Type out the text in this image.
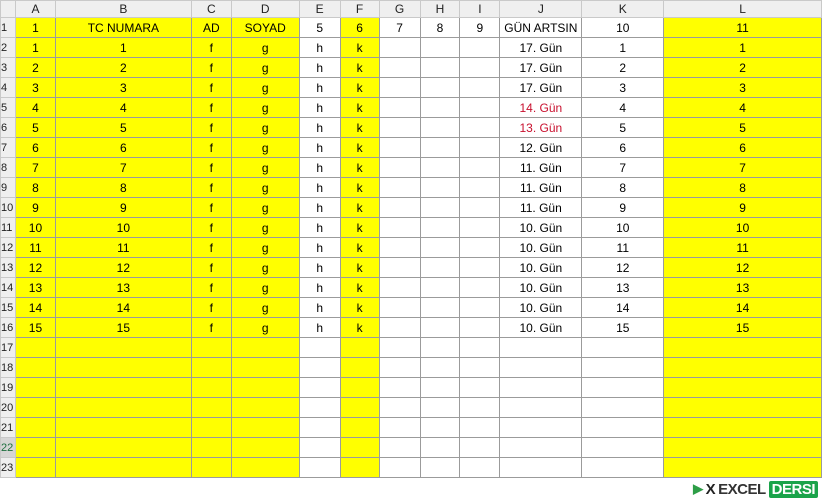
	A	B	C	D	E	F	G	H	I	J	K	L
1	1	TC NUMARA	AD	SOYAD	5	6	7	8	9	GÜN ARTSIN	10	11
2	1	1	f	g	h	k				17. Gün	1	1
3	2	2	f	g	h	k				17. Gün	2	2
4	3	3	f	g	h	k				17. Gün	3	3
5	4	4	f	g	h	k				14. Gün	4	4
6	5	5	f	g	h	k				13. Gün	5	5
7	6	6	f	g	h	k				12. Gün	6	6
8	7	7	f	g	h	k				11. Gün	7	7
9	8	8	f	g	h	k				11. Gün	8	8
10	9	9	f	g	h	k				11. Gün	9	9
11	10	10	f	g	h	k				10. Gün	10	10
12	11	11	f	g	h	k				10. Gün	11	11
13	12	12	f	g	h	k				10. Gün	12	12
14	13	13	f	g	h	k				10. Gün	13	13
15	14	14	f	g	h	k				10. Gün	14	14
16	15	15	f	g	h	k				10. Gün	15	15
17												
18												
19												
20												
21												
22												
23												
▶ X EXCEL DERSI
